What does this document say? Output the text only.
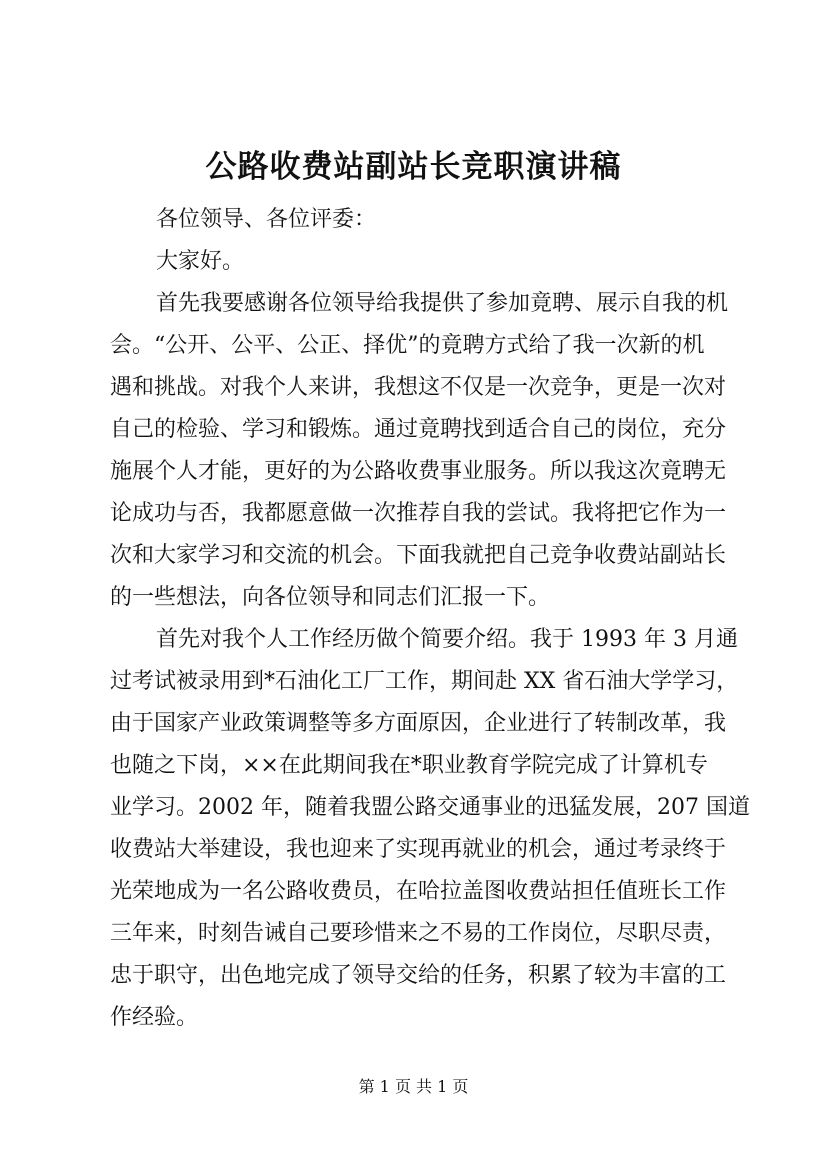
公路收费站副站长竞职演讲稿
各位领导、各位评委：
大家好。
首先我要感谢各位领导给我提供了参加竟聘、展示自我的机
会。“公开、公平、公正、择优”的竟聘方式给了我一次新的机
遇和挑战。对我个人来讲，我想这不仅是一次竞争，更是一次对
自己的检验、学习和锻炼。通过竟聘找到适合自己的岗位，充分
施展个人才能，更好的为公路收费事业服务。所以我这次竟聘无
论成功与否，我都愿意做一次推荐自我的尝试。我将把它作为一
次和大家学习和交流的机会。下面我就把自己竞争收费站副站长
的一些想法，向各位领导和同志们汇报一下。
首先对我个人工作经历做个简要介绍。我于 1993 年 3 月通
过考试被录用到*石油化工厂工作，期间赴 XX 省石油大学学习，
由于国家产业政策调整等多方面原因，企业进行了转制改革，我
也随之下岗，××在此期间我在*职业教育学院完成了计算机专
业学习。2002 年，随着我盟公路交通事业的迅猛发展，207 国道
收费站大举建设，我也迎来了实现再就业的机会，通过考录终于
光荣地成为一名公路收费员，在哈拉盖图收费站担任值班长工作
三年来，时刻告诫自己要珍惜来之不易的工作岗位，尽职尽责，
忠于职守，出色地完成了领导交给的任务，积累了较为丰富的工
作经验。
第 1 页 共 1 页
